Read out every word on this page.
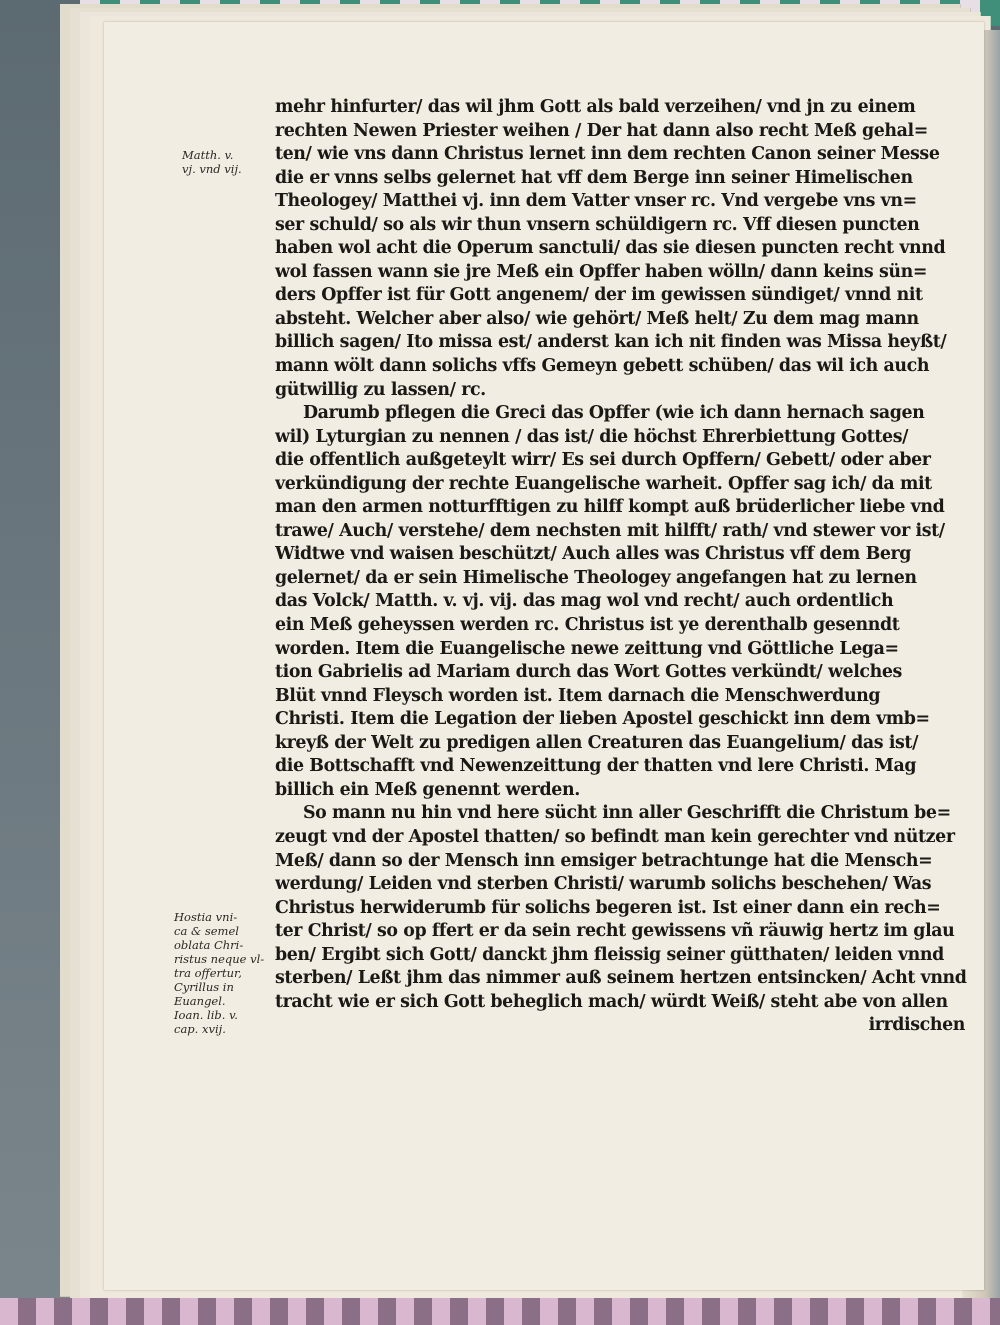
Matth. v.
vj. vnd vij.
Hostia vni-
ca & semel
oblata Chri-
ristus neque vl-
tra offertur,
Cyrillus in
Euangel.
Ioan. lib. v.
cap. xvij.
mehr hinfurter/ das wil jhm Gott als bald verzeihen/ vnd jn zu einem
rechten Newen Priester weihen / Der hat dann also recht Meß gehal=
ten/ wie vns dann Christus lernet inn dem rechten Canon seiner Messe
die er vnns selbs gelernet hat vff dem Berge inn seiner Himelischen
Theologey/ Matthei vj. inn dem Vatter vnser rc. Vnd vergebe vns vn=
ser schuld/ so als wir thun vnsern schüldigern rc. Vff diesen puncten
haben wol acht die Operum sanctuli/ das sie diesen puncten recht vnnd
wol fassen wann sie jre Meß ein Opffer haben wölln/ dann keins sün=
ders Opffer ist für Gott angenem/ der im gewissen sündiget/ vnnd nit
absteht. Welcher aber also/ wie gehört/ Meß helt/ Zu dem mag mann
billich sagen/ Ito missa est/ anderst kan ich nit finden was Missa heyßt/
mann wölt dann solichs vffs Gemeyn gebett schüben/ das wil ich auch
gütwillig zu lassen/ rc.
Darumb pflegen die Greci das Opffer (wie ich dann hernach sagen
wil) Lyturgian zu nennen / das ist/ die höchst Ehrerbiettung Gottes/
die offentlich außgeteylt wirr/ Es sei durch Opffern/ Gebett/ oder aber
verkündigung der rechte Euangelische warheit. Opffer sag ich/ da mit
man den armen notturfftigen zu hilff kompt auß brüderlicher liebe vnd
trawe/ Auch/ verstehe/ dem nechsten mit hilfft/ rath/ vnd stewer vor ist/
Widtwe vnd waisen beschützt/ Auch alles was Christus vff dem Berg
gelernet/ da er sein Himelische Theologey angefangen hat zu lernen
das Volck/ Matth. v. vj. vij. das mag wol vnd recht/ auch ordentlich
ein Meß geheyssen werden rc. Christus ist ye derenthalb gesenndt
worden. Item die Euangelische newe zeittung vnd Göttliche Lega=
tion Gabrielis ad Mariam durch das Wort Gottes verkündt/ welches
Blüt vnnd Fleysch worden ist. Item darnach die Menschwerdung
Christi. Item die Legation der lieben Apostel geschickt inn dem vmb=
kreyß der Welt zu predigen allen Creaturen das Euangelium/ das ist/
die Bottschafft vnd Newenzeittung der thatten vnd lere Christi. Mag
billich ein Meß genennt werden.
So mann nu hin vnd here sücht inn aller Geschrifft die Christum be=
zeugt vnd der Apostel thatten/ so befindt man kein gerechter vnd nützer
Meß/ dann so der Mensch inn emsiger betrachtunge hat die Mensch=
werdung/ Leiden vnd sterben Christi/ warumb solichs beschehen/ Was
Christus herwiderumb für solichs begeren ist. Ist einer dann ein rech=
ter Christ/ so op ffert er da sein recht gewissens vñ räuwig hertz im glau
ben/ Ergibt sich Gott/ danckt jhm fleissig seiner gütthaten/ leiden vnnd
sterben/ Leßt jhm das nimmer auß seinem hertzen entsincken/ Acht vnnd
tracht wie er sich Gott beheglich mach/ würdt Weiß/ steht abe von allen
irrdischen
